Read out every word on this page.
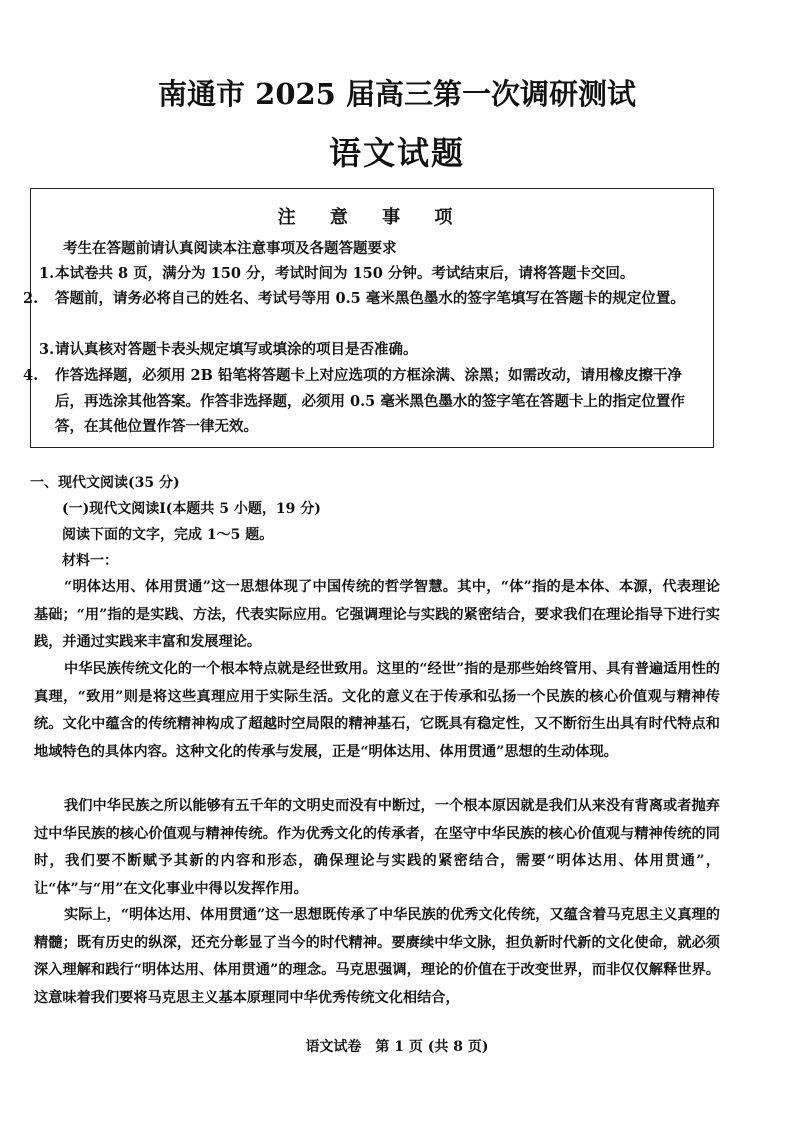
南通市 2025 届高三第一次调研测试
语文试题
注 意 事 项
考生在答题前请认真阅读本注意事项及各题答题要求
1.本试卷共 8 页，满分为 150 分，考试时间为 150 分钟。考试结束后，请将答题卡交回。
2. 答题前，请务必将自己的姓名、考试号等用 0.5 毫米黑色墨水的签字笔填写在答题卡的规定位置。
3.请认真核对答题卡表头规定填写或填涂的项目是否准确。
4. 作答选择题，必须用 2B 铅笔将答题卡上对应选项的方框涂满、涂黑；如需改动，请用橡皮擦干净后，再选涂其他答案。作答非选择题，必须用 0.5 毫米黑色墨水的签字笔在答题卡上的指定位置作答，在其他位置作答一律无效。
一、现代文阅读(35 分)
(一)现代文阅读Ⅰ(本题共 5 小题，19 分)
阅读下面的文字，完成 1～5 题。
材料一：
“明体达用、体用贯通”这一思想体现了中国传统的哲学智慧。其中，“体”指的是本体、本源，代表理论基础；“用”指的是实践、方法，代表实际应用。它强调理论与实践的紧密结合，要求我们在理论指导下进行实践，并通过实践来丰富和发展理论。
中华民族传统文化的一个根本特点就是经世致用。这里的“经世”指的是那些始终管用、具有普遍适用性的真理，“致用”则是将这些真理应用于实际生活。文化的意义在于传承和弘扬一个民族的核心价值观与精神传统。文化中蕴含的传统精神构成了超越时空局限的精神基石，它既具有稳定性，又不断衍生出具有时代特点和地域特色的具体内容。这种文化的传承与发展，正是“明体达用、体用贯通”思想的生动体现。
我们中华民族之所以能够有五千年的文明史而没有中断过，一个根本原因就是我们从来没有背离或者抛弃过中华民族的核心价值观与精神传统。作为优秀文化的传承者，在坚守中华民族的核心价值观与精神传统的同时，我们要不断赋予其新的内容和形态，确保理论与实践的紧密结合，需要“明体达用、体用贯通”，让“体”与“用”在文化事业中得以发挥作用。
实际上，“明体达用、体用贯通”这一思想既传承了中华民族的优秀文化传统，又蕴含着马克思主义真理的精髓；既有历史的纵深，还充分彰显了当今的时代精神。要赓续中华文脉，担负新时代新的文化使命，就必须深入理解和践行“明体达用、体用贯通”的理念。马克思强调，理论的价值在于改变世界，而非仅仅解释世界。这意味着我们要将马克思主义基本原理同中华优秀传统文化相结合，
语文试卷　第 1 页 (共 8 页)
